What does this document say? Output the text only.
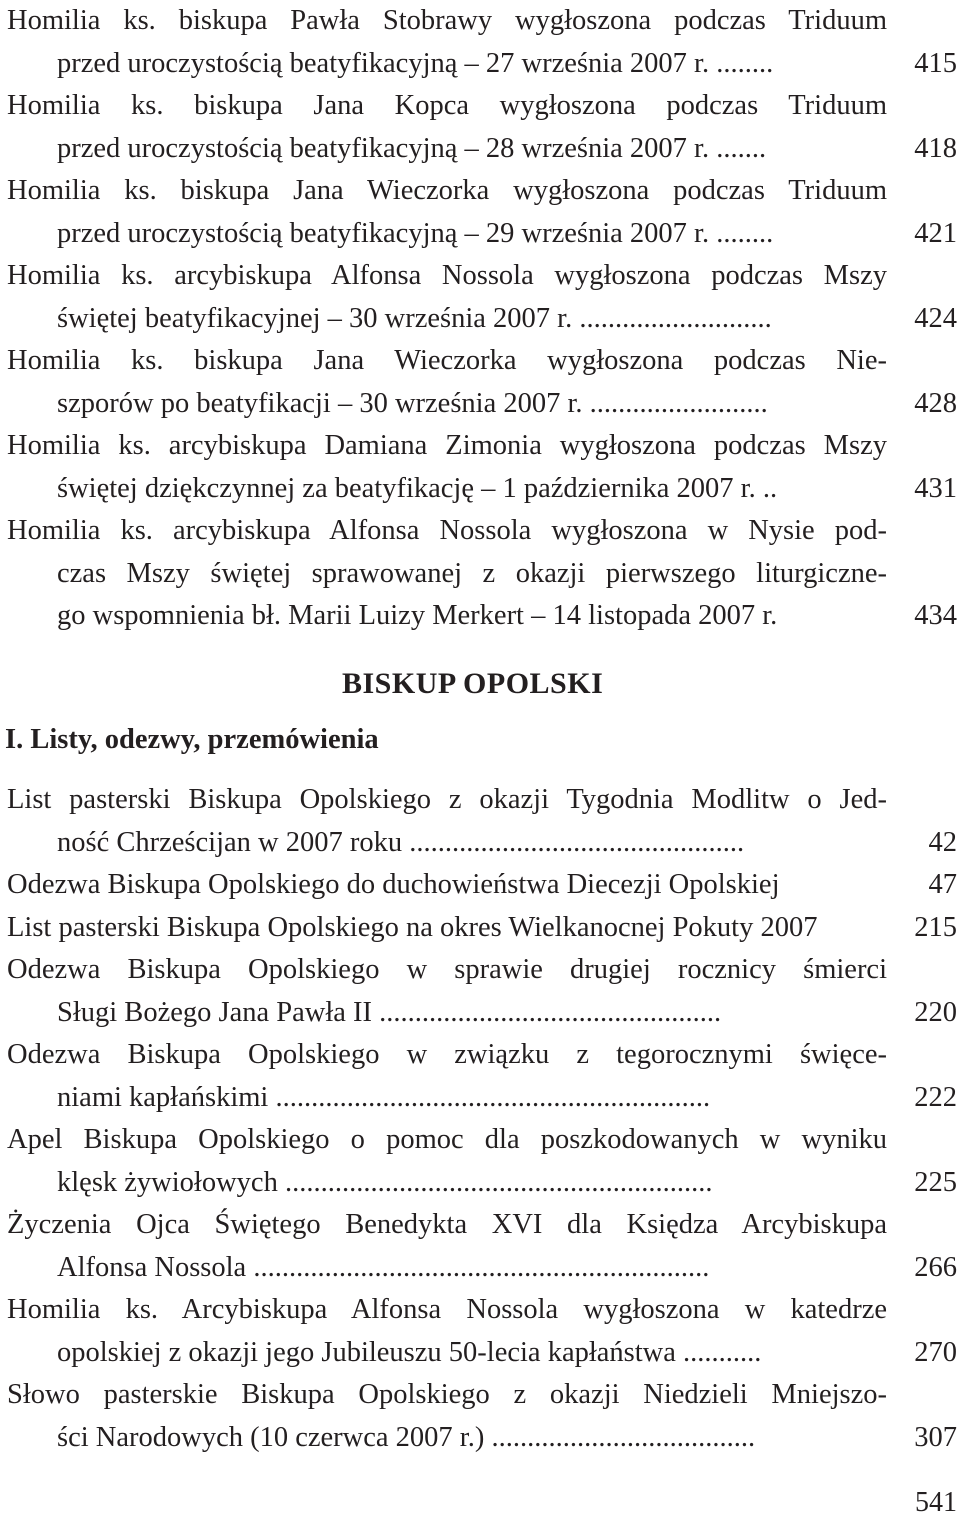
Homilia ks. biskupa Pawła Stobrawy wygłoszona podczas Triduum
przed uroczystością beatyfikacyjną – 27 września 2007 r. ........	415
Homilia ks. biskupa Jana Kopca wygłoszona podczas Triduum
przed uroczystością beatyfikacyjną – 28 września 2007 r. .......	418
Homilia ks. biskupa Jana Wieczorka wygłoszona podczas Triduum
przed uroczystością beatyfikacyjną – 29 września 2007 r. ........	421
Homilia ks. arcybiskupa Alfonsa Nossola wygłoszona podczas Mszy
świętej beatyfikacyjnej – 30 września 2007 r. ...........................	424
Homilia ks. biskupa Jana Wieczorka wygłoszona podczas Nie-
szporów po beatyfikacji – 30 września 2007 r. .........................	428
Homilia ks. arcybiskupa Damiana Zimonia wygłoszona podczas Mszy
świętej dziękczynnej za beatyfikację – 1 października 2007 r. ..	431
Homilia ks. arcybiskupa Alfonsa Nossola wygłoszona w Nysie pod-
czas Mszy świętej sprawowanej z okazji pierwszego liturgiczne-
go wspomnienia bł. Marii Luizy Merkert – 14 listopada 2007 r.	434
BISKUP OPOLSKI
I. Listy, odezwy, przemówienia
List pasterski Biskupa Opolskiego z okazji Tygodnia Modlitw o Jed-
ność Chrześcijan w 2007 roku ...............................................	42
Odezwa Biskupa Opolskiego do duchowieństwa Diecezji Opolskiej	47
List pasterski Biskupa Opolskiego na okres Wielkanocnej Pokuty 2007	215
Odezwa Biskupa Opolskiego w sprawie drugiej rocznicy śmierci
Sługi Bożego Jana Pawła II ................................................	220
Odezwa Biskupa Opolskiego w związku z tegorocznymi święce-
niami kapłańskimi .............................................................	222
Apel Biskupa Opolskiego o pomoc dla poszkodowanych w wyniku
klęsk żywiołowych ............................................................	225
Życzenia Ojca Świętego Benedykta XVI dla Księdza Arcybiskupa
Alfonsa Nossola ................................................................	266
Homilia ks. Arcybiskupa Alfonsa Nossola wygłoszona w katedrze
opolskiej z okazji jego Jubileuszu 50-lecia kapłaństwa ...........	270
Słowo pasterskie Biskupa Opolskiego z okazji Niedzieli Mniejszo-
ści Narodowych (10 czerwca 2007 r.) .....................................	307
541
